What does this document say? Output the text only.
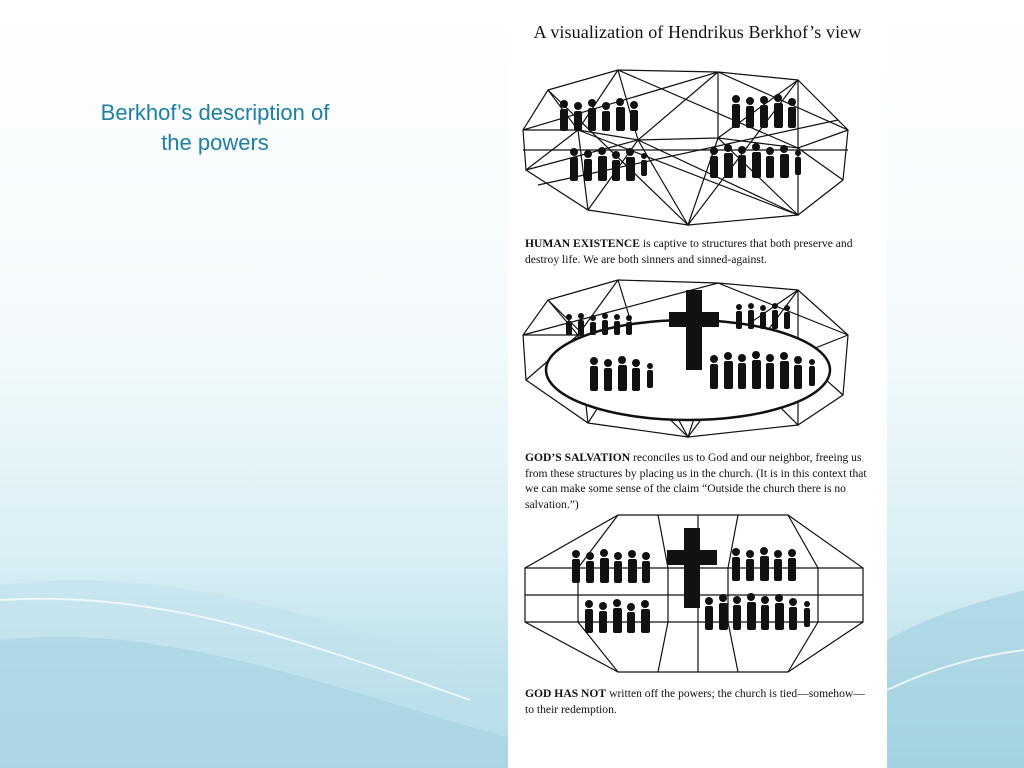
Berkhof’s description of
the powers
A visualization of Hendrikus Berkhof’s view
HUMAN EXISTENCE is captive to structures that both preserve and destroy life. We are both sinners and sinned-against.
GOD’S SALVATION reconciles us to God and our neighbor, freeing us from these structures by placing us in the church. (It is in this context that we can make some sense of the claim “Outside the church there is no salvation.”)
GOD HAS NOT written off the powers; the church is tied—somehow— to their redemption.
